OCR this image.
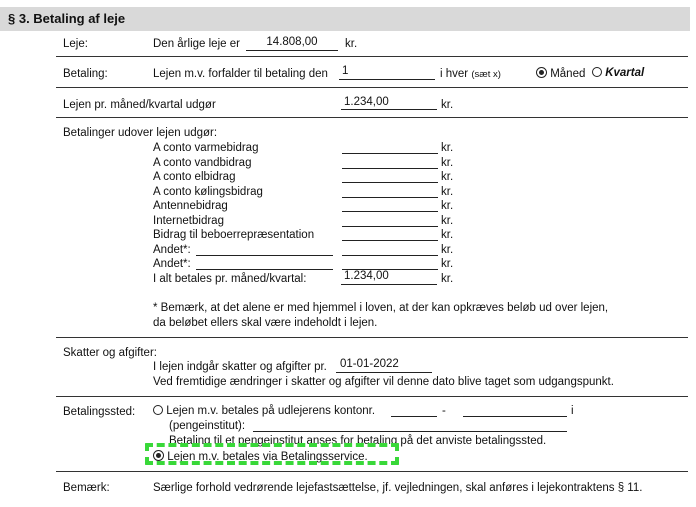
§ 3. Betaling af leje
Leje:	Den årlige leje er	14.808,00	kr.
Betaling:	Lejen m.v. forfalder til betaling den 1	i hver (sæt x)	Måned	Kvartal
Lejen pr. måned/kvartal udgør	1.234,00	kr.
Betalinger udover lejen udgør:
A conto varmebidrag	kr.
A conto vandbidrag	kr.
A conto elbidrag	kr.
A conto kølingsbidrag	kr.
Antennebidrag	kr.
Internetbidrag	kr.
Bidrag til beboerrepræsentation	kr.
Andet*:	kr.
Andet*:	kr.
I alt betales pr. måned/kvartal:	1.234,00	kr.
* Bemærk, at det alene er med hjemmel i loven, at der kan opkræves beløb ud over lejen,
da beløbet ellers skal være indeholdt i lejen.
Skatter og afgifter:
I lejen indgår skatter og afgifter pr. 01-01-2022
Ved fremtidige ændringer i skatter og afgifter vil denne dato blive taget som udgangspunkt.
Betalingssted:	Lejen m.v. betales på udlejerens kontonr.	-	i
(pengeinstitut):
Betaling til et pengeinstitut anses for betaling på det anviste betalingssted.
Lejen m.v. betales via Betalingsservice.
Bemærk:	Særlige forhold vedrørende lejefastsættelse, jf. vejledningen, skal anføres i lejekontraktens § 11.
